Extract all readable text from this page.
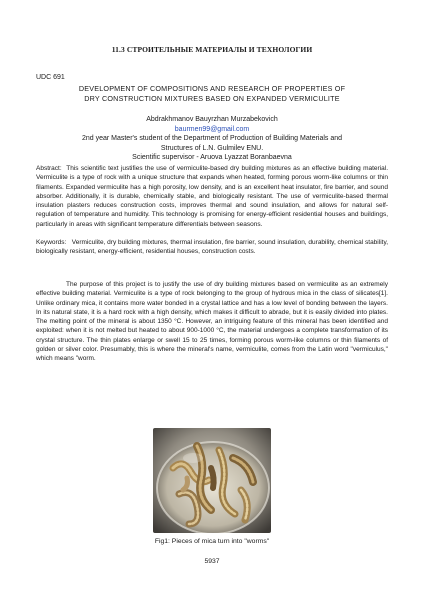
11.3 СТРОИТЕЛЬНЫЕ МАТЕРИАЛЫ И ТЕХНОЛОГИИ
UDC 691
DEVELOPMENT OF COMPOSITIONS AND RESEARCH OF PROPERTIES OF
DRY CONSTRUCTION MIXTURES BASED ON EXPANDED VERMICULITE
Abdrakhmanov Bauyrzhan Murzabekovich
baurmen99@gmail.com
2nd year Master's student of the Department of Production of Building Materials and
Structures of L.N. Gulmilev ENU.
Scientific supervisor - Aruova Lyazzat Boranbaevna
Abstract: This scientific text justifies the use of vermiculite-based dry building mixtures as an effective building material. Vermiculite is a type of rock with a unique structure that expands when heated, forming porous worm-like columns or thin filaments. Expanded vermiculite has a high porosity, low density, and is an excellent heat insulator, fire barrier, and sound absorber. Additionally, it is durable, chemically stable, and biologically resistant. The use of vermiculite-based thermal insulation plasters reduces construction costs, improves thermal and sound insulation, and allows for natural self-regulation of temperature and humidity. This technology is promising for energy-efficient residential houses and buildings, particularly in areas with significant temperature differentials between seasons.
Keywords: Vermiculite, dry building mixtures, thermal insulation, fire barrier, sound insulation, durability, chemical stability, biologically resistant, energy-efficient, residential houses, construction costs.
The purpose of this project is to justify the use of dry building mixtures based on vermiculite as an extremely effective building material. Vermiculite is a type of rock belonging to the group of hydrous mica in the class of silicates[1]. Unlike ordinary mica, it contains more water bonded in a crystal lattice and has a low level of bonding between the layers. In its natural state, it is a hard rock with a high density, which makes it difficult to abrade, but it is easily divided into plates. The melting point of the mineral is about 1350 °C. However, an intriguing feature of this mineral has been identified and exploited: when it is not melted but heated to about 900-1000 °C, the material undergoes a complete transformation of its crystal structure. The thin plates enlarge or swell 15 to 25 times, forming porous worm-like columns or thin filaments of golden or silver color. Presumably, this is where the mineral's name, vermiculite, comes from the Latin word "vermiculus," which means "worm.
Fig1: Pieces of mica turn into "worms"
5937
